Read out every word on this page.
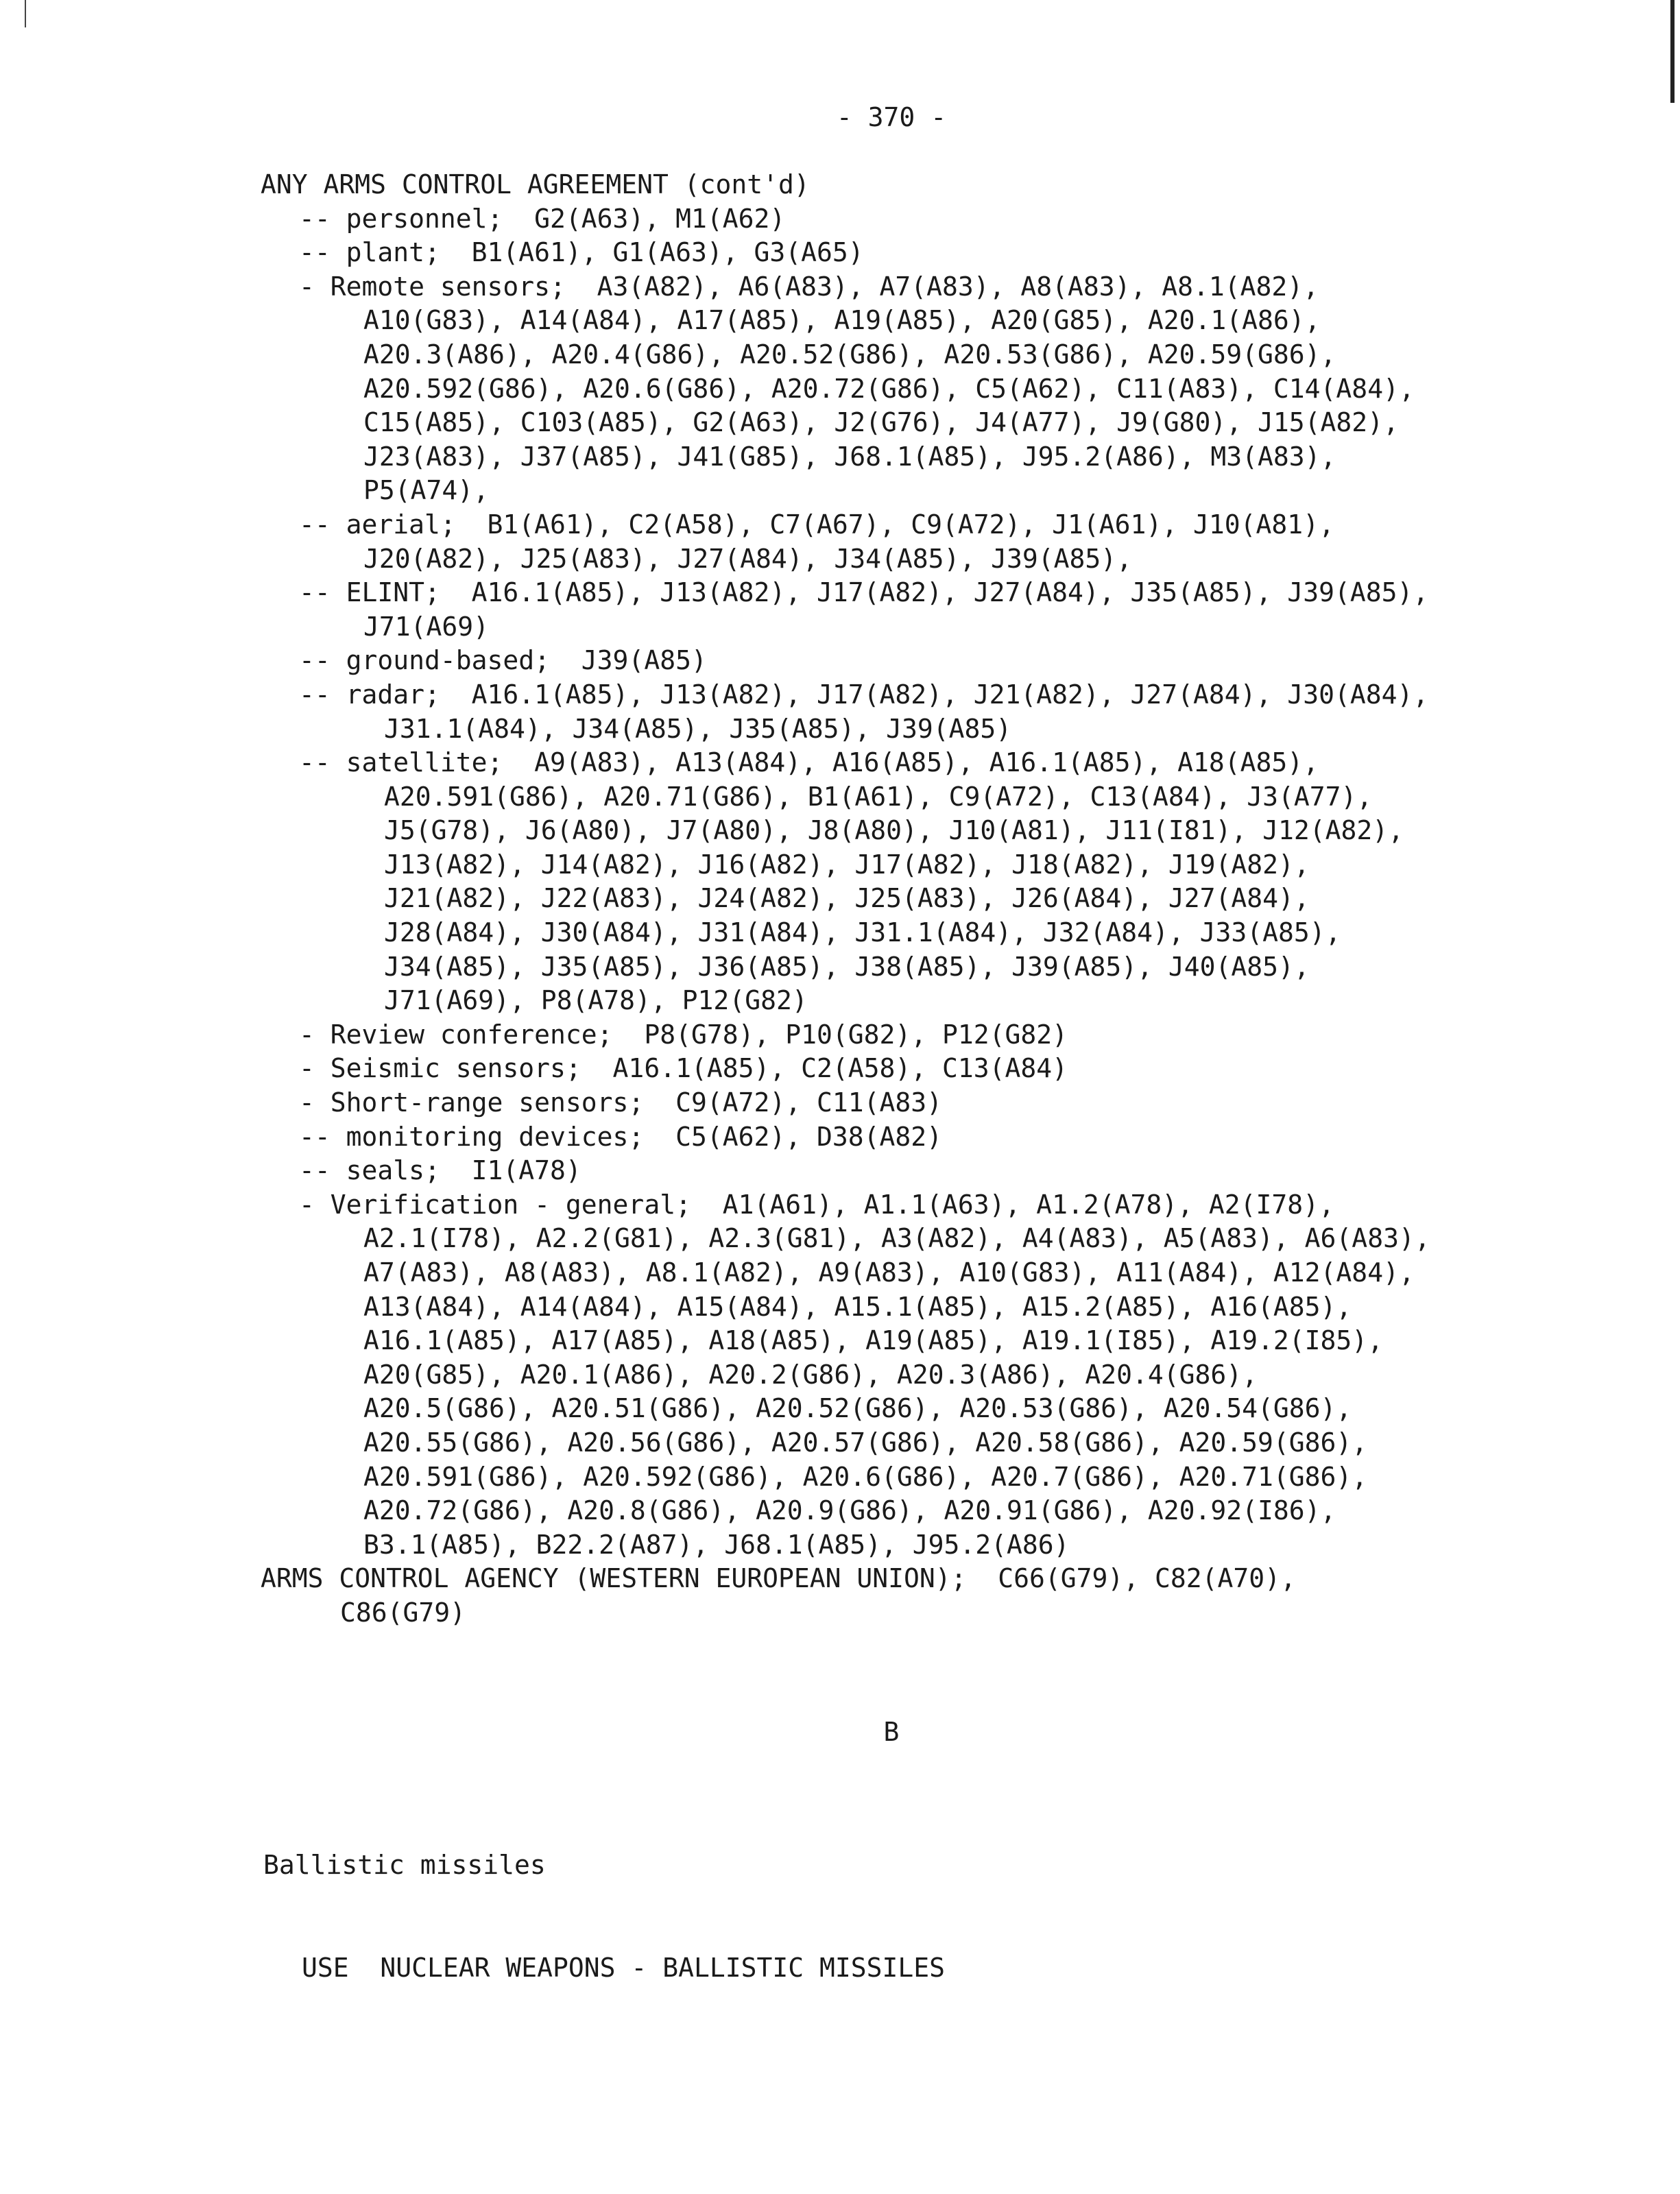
- 370 -
ANY ARMS CONTROL AGREEMENT (cont'd)
-- personnel;  G2(A63), M1(A62)
-- plant;  B1(A61), G1(A63), G3(A65)
- Remote sensors;  A3(A82), A6(A83), A7(A83), A8(A83), A8.1(A82),
A10(G83), A14(A84), A17(A85), A19(A85), A20(G85), A20.1(A86),
A20.3(A86), A20.4(G86), A20.52(G86), A20.53(G86), A20.59(G86),
A20.592(G86), A20.6(G86), A20.72(G86), C5(A62), C11(A83), C14(A84),
C15(A85), C103(A85), G2(A63), J2(G76), J4(A77), J9(G80), J15(A82),
J23(A83), J37(A85), J41(G85), J68.1(A85), J95.2(A86), M3(A83),
P5(A74),
-- aerial;  B1(A61), C2(A58), C7(A67), C9(A72), J1(A61), J10(A81),
J20(A82), J25(A83), J27(A84), J34(A85), J39(A85),
-- ELINT;  A16.1(A85), J13(A82), J17(A82), J27(A84), J35(A85), J39(A85),
J71(A69)
-- ground-based;  J39(A85)
-- radar;  A16.1(A85), J13(A82), J17(A82), J21(A82), J27(A84), J30(A84),
J31.1(A84), J34(A85), J35(A85), J39(A85)
-- satellite;  A9(A83), A13(A84), A16(A85), A16.1(A85), A18(A85),
A20.591(G86), A20.71(G86), B1(A61), C9(A72), C13(A84), J3(A77),
J5(G78), J6(A80), J7(A80), J8(A80), J10(A81), J11(I81), J12(A82),
J13(A82), J14(A82), J16(A82), J17(A82), J18(A82), J19(A82),
J21(A82), J22(A83), J24(A82), J25(A83), J26(A84), J27(A84),
J28(A84), J30(A84), J31(A84), J31.1(A84), J32(A84), J33(A85),
J34(A85), J35(A85), J36(A85), J38(A85), J39(A85), J40(A85),
J71(A69), P8(A78), P12(G82)
- Review conference;  P8(G78), P10(G82), P12(G82)
- Seismic sensors;  A16.1(A85), C2(A58), C13(A84)
- Short-range sensors;  C9(A72), C11(A83)
-- monitoring devices;  C5(A62), D38(A82)
-- seals;  I1(A78)
- Verification - general;  A1(A61), A1.1(A63), A1.2(A78), A2(I78),
A2.1(I78), A2.2(G81), A2.3(G81), A3(A82), A4(A83), A5(A83), A6(A83),
A7(A83), A8(A83), A8.1(A82), A9(A83), A10(G83), A11(A84), A12(A84),
A13(A84), A14(A84), A15(A84), A15.1(A85), A15.2(A85), A16(A85),
A16.1(A85), A17(A85), A18(A85), A19(A85), A19.1(I85), A19.2(I85),
A20(G85), A20.1(A86), A20.2(G86), A20.3(A86), A20.4(G86),
A20.5(G86), A20.51(G86), A20.52(G86), A20.53(G86), A20.54(G86),
A20.55(G86), A20.56(G86), A20.57(G86), A20.58(G86), A20.59(G86),
A20.591(G86), A20.592(G86), A20.6(G86), A20.7(G86), A20.71(G86),
A20.72(G86), A20.8(G86), A20.9(G86), A20.91(G86), A20.92(I86),
B3.1(A85), B22.2(A87), J68.1(A85), J95.2(A86)
ARMS CONTROL AGENCY (WESTERN EUROPEAN UNION);  C66(G79), C82(A70),
C86(G79)
B

Ballistic missiles

USE  NUCLEAR WEAPONS - BALLISTIC MISSILES
